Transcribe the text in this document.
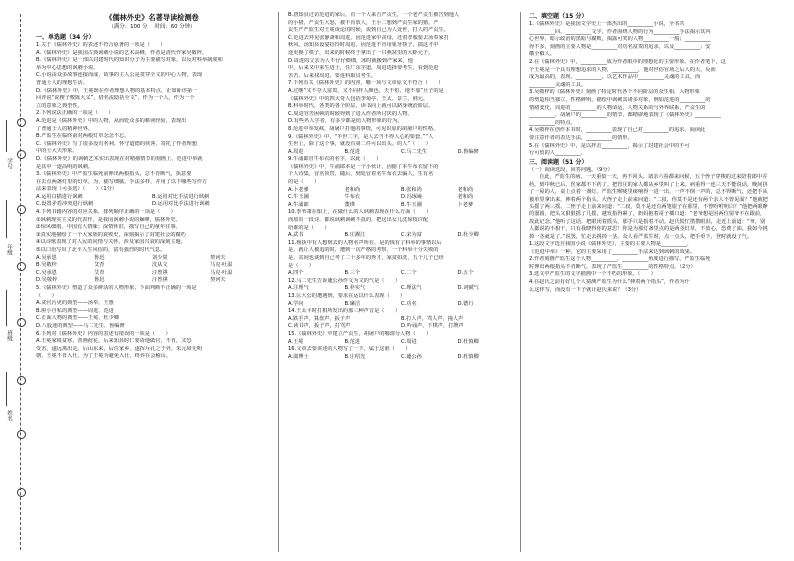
学号
年级
班级
姓名
《儒林外史》名著导读检测卷
（满分：100 分　 时间：60 分钟）
一、单选题（34 分）
1.关于《儒林外史》的表述不符合原著的一项是（　　）
A.《儒林外史》是我国古典讽刺小说的艺术高峰，作者是清代作家吴敬梓。
B.《儒林外史》是一部以封建时代的知识分子为主要描写对象，以反对科举制度和
举为中心思想的讽刺小说。
C.小说由众多故事连接而成，故事的主人公是贯穿全文的中心人物，表现
普通士人的理想生活。
D.《儒林外史》中，王冕既在作者理想人物的基本特点，正如卧评第一
回评说“说楔子敷陈大义”，借名流隐括全文”，作为一个人，作为一个
立的意象之典型性。
2.下列说法正确的一项是（　　）
A.范进是《儒林外史》中的人物，从而贬众多的耕读经验，表现出
了普通士人的精神世界。
B.严监生在临终前对两根灯草念念不忘。
C.《儒林外史》写了很多没有名利、怀守道德的侠客，寄托了作者理想
中的士大夫形象。
D.《儒林外史》的讽刺艺术实出表现在对精描情节的刻画上，范进中举就
是其中一道高明的讽刺。
3.《儒林外史》中严监生临死前伸出两根指头，总不肯断气，执意要
在去点两盏灯里的灯草，为，描写细腻，手法多样，并用了以下哪些写作方
法来表现（可多选）（　　）（1分）
A.运用白描进行讽刺	B.运用对比手法进行讽刺
C.设置矛盾冲突进行讽刺	D.运用对比手法进行讽刺
4.下列书籍内容的对应关系，排列顺序正确的一项是（　　）
①讽刺现实主义的代表作，是我国讽刺小说的巅峰，儒林外史。
②惊风细雨，中国有人情味；深情怀旧，描写自己的童年往事。
③真实地描绘了一个大家族的衰败史，深刻揭示了封建社会的腐朽
④以诗歌表现了对人民的同情与关怀，涉及家国兴衰的深刻主题。
⑤以口语写出了北平人生风俗的，富有强烈的时代气息。
A.吴承恩	鲁迅	刘少棠	契诃夫
B.吴敬梓	艾青	沈从文	马克·吐温
C.吴承恩	艾青	汪曾祺	马克·吐温
D.吴敬梓	鲁迅	汪曾祺	契诃夫
5.《儒林外史》塑造了众多鲜活的人物形象，下面判断不正确的一项是
（　　）
A.贪官污吏的典型——汤奉、王惠
B.胆小自私的典型——周进、范进
C.正面人物的典型——王冕、杜少卿
D.八股迷的典型——马二先生、鲁编修
6.下列对《儒林外史》内容的表述有错误的一项是（　　）
A.王冕家境贫寒，善画荷花，后来知县时仁要请他做官，不肯，又恐
受害，遂远离出走。后山东来，后任家乡，遂挥斥孔之于外。朱元璋无明
朝，王冕不肯入仕，为了王冕为避免入仕，终养在会稽山。
B.唐知县过访范进的家后，有一个人来吉严贡生，一个老严贡生被告到他人
的小猪，严贡生大怒，被不肯放人，王小二想到严贡生家的猪。严
贡生严严监生对王冕谈论的时候，说到自己为人处世，打人的严贡生。
C.范进去拜见张静斋和周进，因范进家中丧母，还着孝服要去汤奉家打
秋风，汤知县设宴招待时周进，因范进不肯用象牙筷子，搞这才中
途更换了筷子，出来的时候终于拿出了一只燕窝里的大虾元子。
D.周进的父亲为人不仔仔细细，冰时就搬到严家来，他
中，后来又中来生进士，任广东学道，周进选择要考生，看到范进
苦苦，后来找周进，要进科取员考生。
7.下列有关《儒林外史》的内容，哪一项与文章原文不符合（　　）
A.过继“又不夺人富贵，又不同样人颜色，天不怕，地不靠”旦子的是
《儒林外史》中的四大奇人包括李菊亭、王太、景兰、荆元。
B.科举时代，各类的各个阶层，读书向上就可以跻身统治阶层。
C.周进穷苦困顿的时候得到了进入作者所讨厌的人物。
D.有些名人学者，有多少都是给人物形象的行为。
8.范进中举发疯，胡屠户打他的事情，可见识原的胡屠户的性格。
9.《儒林外史》中，“半世二字，是人去当不得人心的要套，”“人
生世上，除了这个事，就没有第二件可以出头。的人”（　　）
A.周进	B.范进	C.马二先生	D.鲁编修
9.牛浦郎冒牛布衣的名字，以此（　　）
《儒林外史》中，牛浦郎本是一个小伙计，因偷了本牛布衣留下的
个人诗集，冒名顶替，随后，到处冒着名牛布衣去骗人，生有名
的是（　　）
A.卜老爹	老和尚	B.张和尚	老和尚
C.牛玉圃	牛布衣	D.冯琢庵	老和尚
A.牛浦郎	董瑛	B.牛玉圃	卜老爹
10.季苇萧在船上，在做什么的人讽刺表现在什么方面（　　）
而放出一段诗，都说讽刺讽刺不真的，把这出女儿沈琼枝许配
给谁的是（　　）
A.武书	B.庄濯江	C.宋为富	D.杜少卿
11.杨执中有人想到去的人物名声所在，是的钱有了科举的事情以后
是，就让人被追的时，遭到一次严格的考察，一个科举十分失败的
是，其间也谈到自己考了二十多年的秀才，家贫如洗，五个儿子已经
是（　　）
A.四个	B.三个	C.二个	D.五个
12.马二先生告诉蘧公孙作文为文的气是（　　）
A.注理气	B.朴实气	C.理法气	D.词赋气
13.匡大公的遭遇到，要求在运以什么表现（　　）
A.学问	B.廉洁	C.功名	D.德行
14.王太平时打棋所发出的那三种声音是（　　）
A.跌手声，算盘声，扳子声	B.打人声，骂人声，撞人声
C.读书声，扳子声，打骂声	D.吟诵声，下棋声，打牌声
15.《儒林外史》中建立严贡生，胡屠户的哪部分人物（　　）
A.王冕	B.范进	C.周进	D.杜慎卿
16.文章去要讲述的人物写了一下，属于这谁（　　）
A.虞博士	B.庄绍光	C.蘧公孙	D.杜慎卿
二、填空题（15 分）
1.《儒林外史》是我国文学史上一部杰出的__________小说，全书共
__________回，__________文字，作者围绕人物的行为__________手法揭示其内
心世界，暗示政治的黑暗与腐败，揭露可笑的人物__________一般；__________
得不多，刻画的主要人物是__________对功名富贵的追求，以及__________；安
徽全椒人。
2.在《儒林外史》中，__________成为作者眼中的理想化的主要形象。在作者笔下，这
个王冕是一个具有理想追求的人物，__________，他对世俗官场之后人的大，反而
成为最高的，表现，__________，以艺术作品中__________灵魂的工具，而
__________灵魂的工具。
3.吴敬梓的《儒林外史》刻画了特定时代各个不同阶层的众生相，人物形象
的塑造相当独立，性格鲜明，描绘中讽刺其诸多对象，例如范进的__________的
情绪变化，周进的__________的人物命运，人物关系的与外界联系，严贡生的
__________，胡屠户的__________的情节，都精辟地表现了《儒林外史》__________
__________的特点。
4.吴敬梓在创作本书时，__________表现了自己对__________的追求。阅读此
要注意作者的表达手法，__________的情形。
5.在《儒林外史》中，是以抨击__________，揭示了封建社会中的不可
行可贸的人__________。
三、阅读题（51 分）
（一）阅读选段，回答问题。（9分）
自此，严监生的病，一天重似一天，再不回头。诸亲六眷都来问候，五个侄子穿梭的过来陪着郎中弄药。到中秋已后，医家都不下药了。把管庄的家人都从乡里叫了上来。病重得一连三天不能说话。晚间挤了一屋的人，桌上点着一盏灯。严监生喉咙里痰响得一进一出，一声不倒一声的，总不得断气，还把手从被单里拿出来，伸着两个指头。大侄子走上前来问道：“二叔，你莫不是还有两个亲人不曾见面？”他就把头摇了两三摇。二侄子走上前来问道：“二叔，莫不是还有两笔银子在那里，不曾吩咐明白？”他把两眼睁的溜圆，把头又狠狠摇了几摇，越发指得紧了。奶妈抱着哥子插口道：“老爷想是因两位舅爷不在跟前，故此记念。”他听了这话，把眼闭着摇头，那手只是指着不动。赵氏慌忙揩揩眼泪，走近上前道：“爷，别人都说的不相干，只有我晓得你的意思！你是为那灯盏里点的是两茎灯草，不放心，恐费了油。我如今挑掉一茎就是了。”说罢，忙走去挑掉一茎。众人看严监生时，点一点头，把手垂下，登时就没了气。
1.这段文字选自我国小说《儒林外史》，主要的主要人物是__________，
《范进中举》一种，它的主要采用了__________手法来达到讽刺的效果。
2.作者刻画严监生这个人物__________，__________角度进行描写。严监生临死
时伸出两根指头不肯断气，表现了严监生__________的性格特点。（2分）
3.选文中严监生的文字描画中一个不朽的形象。（　　）
4.在赵氏之前有好几个人猜测严监生为什么“伸着两个指头”，作者为什
么这样写，而没有一下子就让赵氏来说？（3分）
